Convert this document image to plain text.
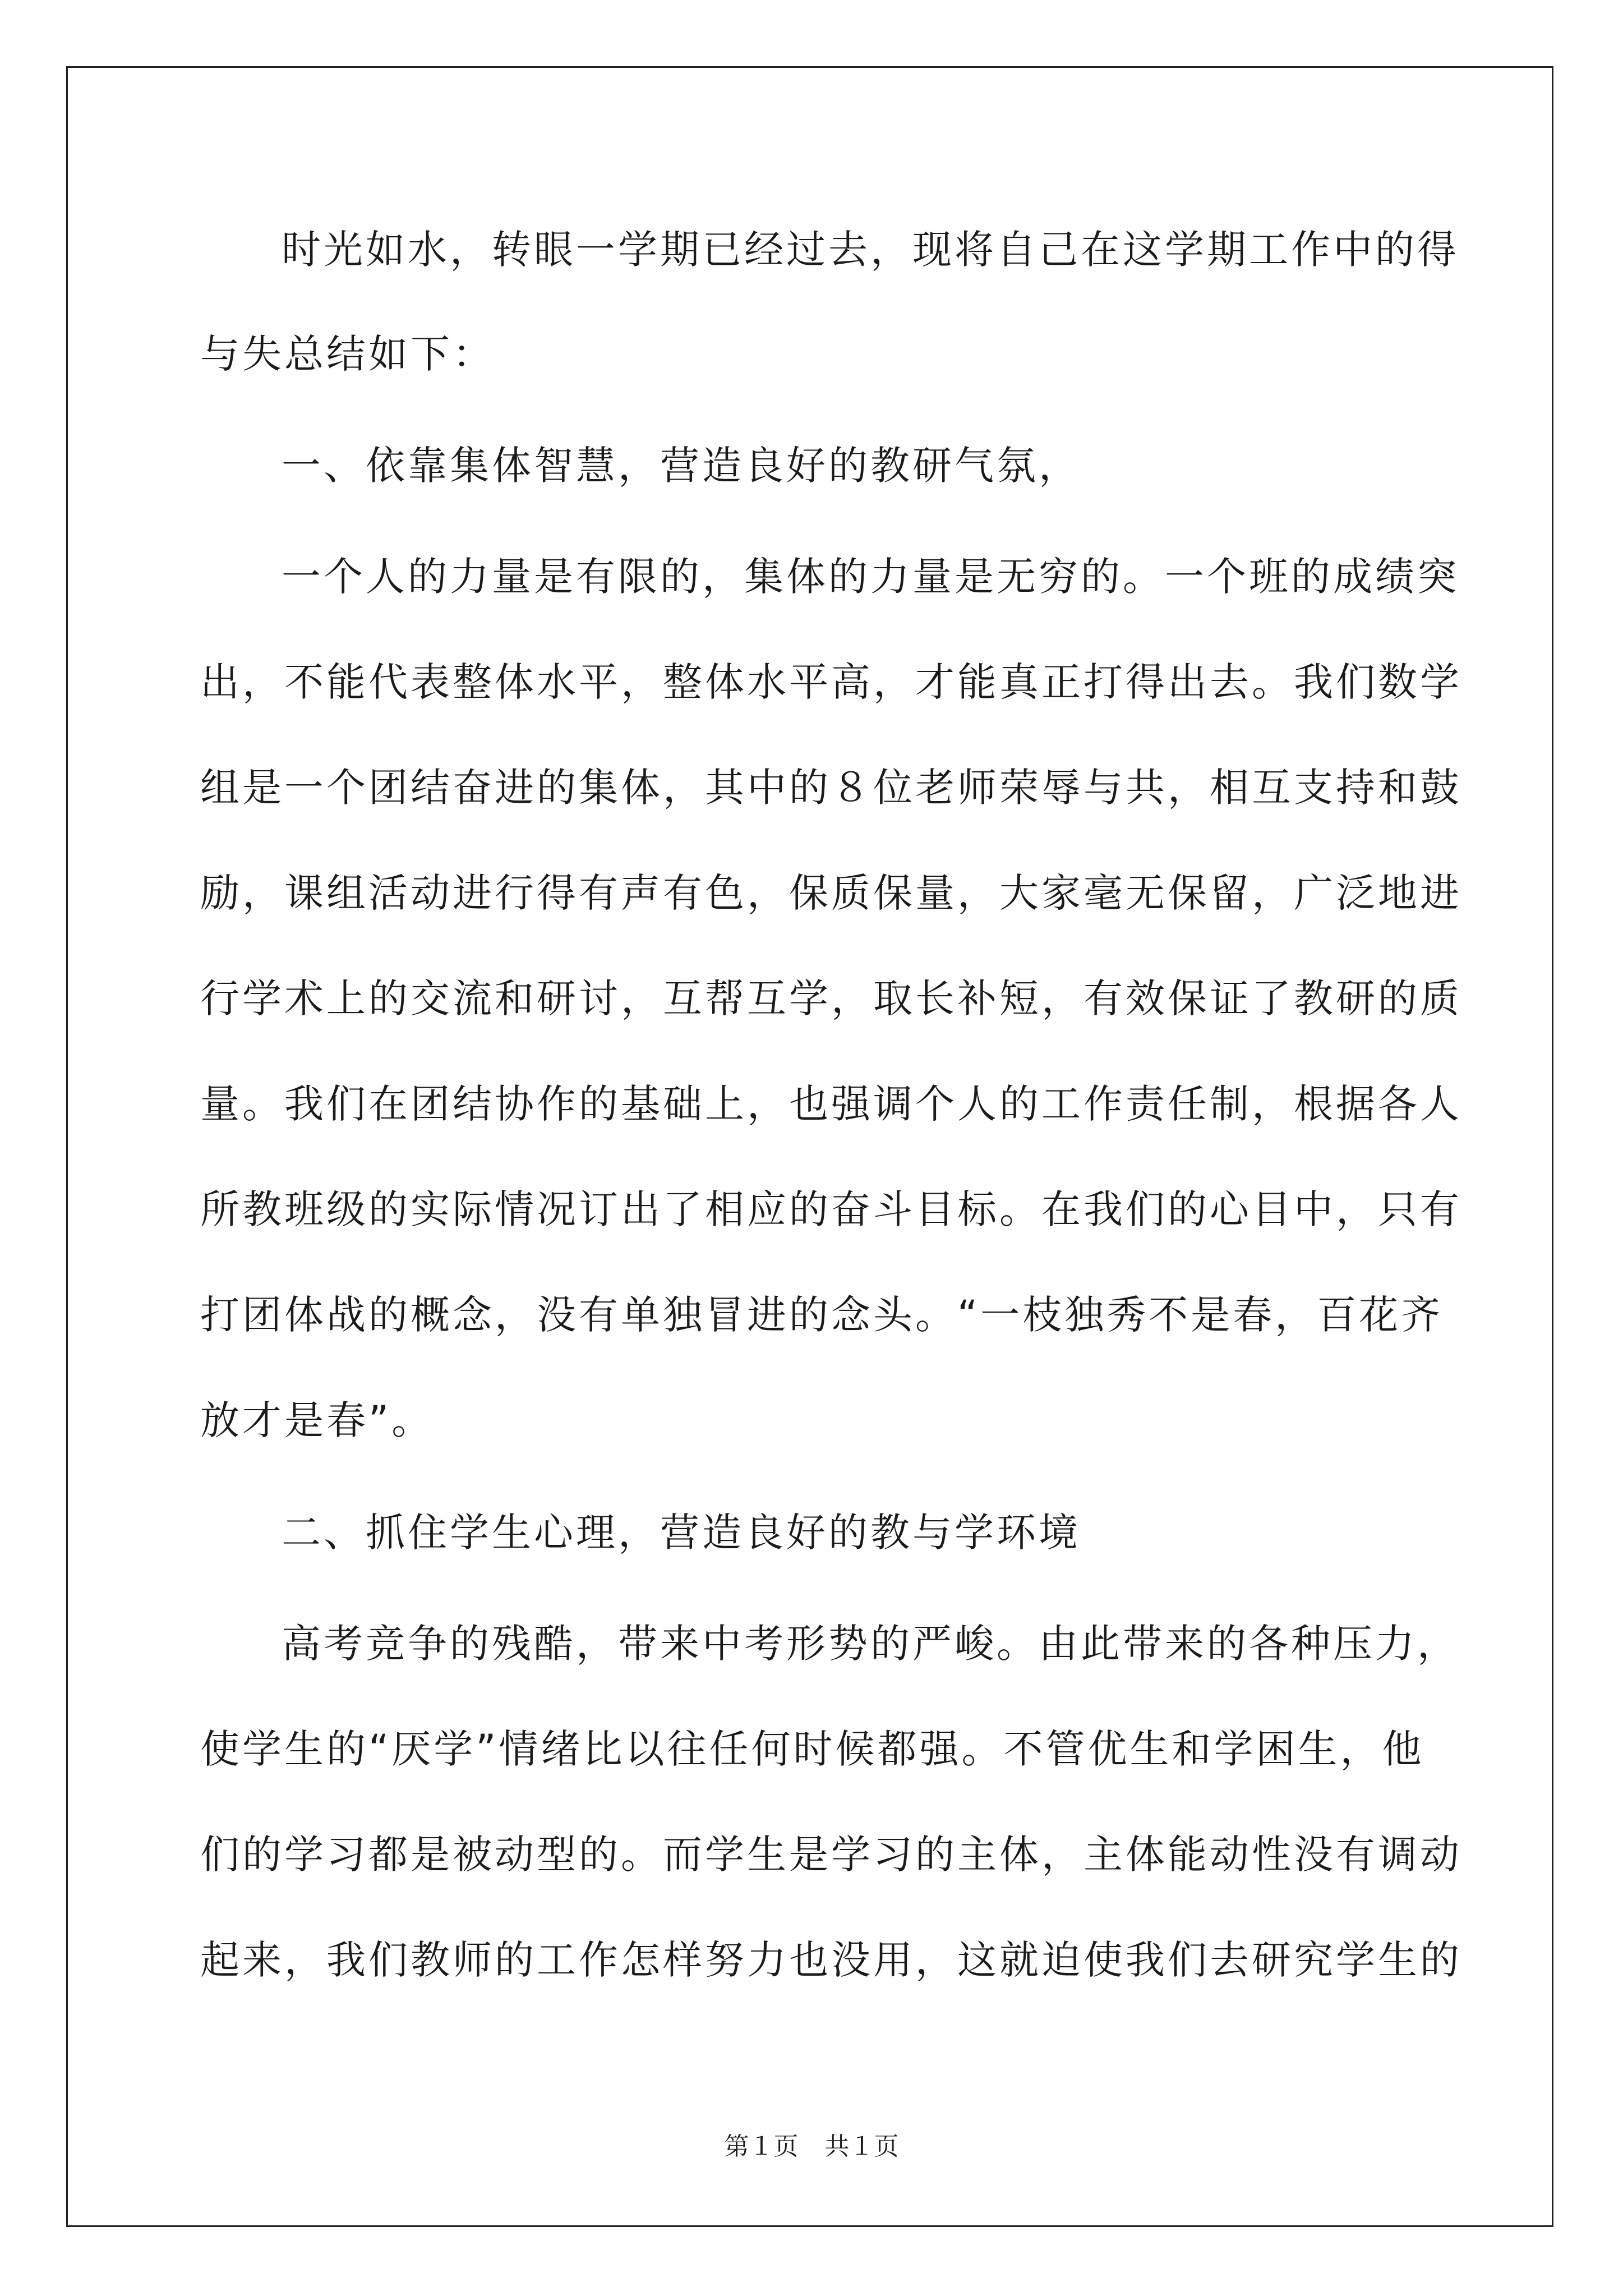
时光如水，转眼一学期已经过去，现将自己在这学期工作中的得
与失总结如下：
一、依靠集体智慧，营造良好的教研气氛，
一个人的力量是有限的，集体的力量是无穷的。一个班的成绩突
出，不能代表整体水平，整体水平高，才能真正打得出去。我们数学
组是一个团结奋进的集体，其中的８位老师荣辱与共，相互支持和鼓
励，课组活动进行得有声有色，保质保量，大家毫无保留，广泛地进
行学术上的交流和研讨，互帮互学，取长补短，有效保证了教研的质
量。我们在团结协作的基础上，也强调个人的工作责任制，根据各人
所教班级的实际情况订出了相应的奋斗目标。在我们的心目中，只有
打团体战的概念，没有单独冒进的念头。“一枝独秀不是春，百花齐
放才是春”。
二、抓住学生心理，营造良好的教与学环境
高考竞争的残酷，带来中考形势的严峻。由此带来的各种压力，
使学生的“厌学”情绪比以往任何时候都强。不管优生和学困生，他
们的学习都是被动型的。而学生是学习的主体，主体能动性没有调动
起来，我们教师的工作怎样努力也没用，这就迫使我们去研究学生的
第１页 共１页
